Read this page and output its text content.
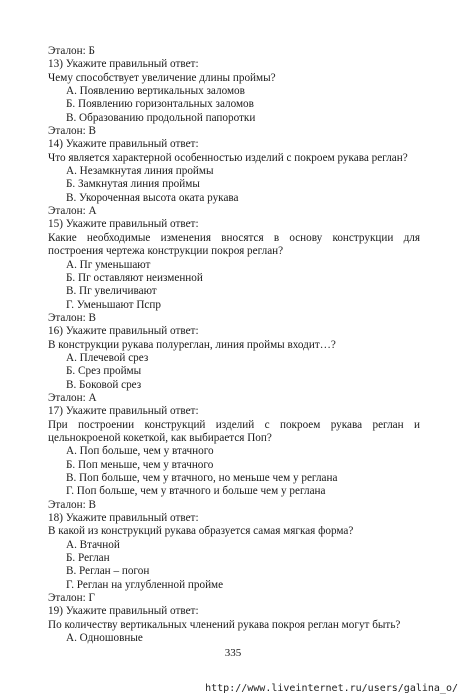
Эталон: Б
13) Укажите правильный ответ:
Чему способствует увеличение длины проймы?
А. Появлению вертикальных заломов
Б. Появлению горизонтальных заломов
В. Образованию продольной папоротки
Эталон: В
14) Укажите правильный ответ:
Что является характерной особенностью изделий с покроем рукава реглан?
А. Незамкнутая линия проймы
Б. Замкнутая линия проймы
В. Укороченная высота оката рукава
Эталон: А
15) Укажите правильный ответ:
Какие необходимые изменения вносятся в основу конструкции для построения чертежа конструкции покроя реглан?
А. Пг уменьшают
Б. Пг оставляют неизменной
В. Пг увеличивают
Г. Уменьшают Пспр
Эталон: В
16) Укажите правильный ответ:
В конструкции рукава полуреглан, линия проймы входит…?
А. Плечевой срез
Б. Срез проймы
В. Боковой срез
Эталон: А
17) Укажите правильный ответ:
При построении конструкций изделий с покроем рукава реглан и цельнокроеной кокеткой, как выбирается Поп?
А. Поп больше, чем у втачного
Б. Поп меньше, чем у втачного
В. Поп больше, чем у втачного, но меньше чем у реглана
Г. Поп больше, чем у втачного и больше чем у реглана
Эталон: В
18) Укажите правильный ответ:
В какой из конструкций рукава образуется самая мягкая форма?
А. Втачной
Б. Реглан
В. Реглан – погон
Г. Реглан на углубленной пройме
Эталон: Г
19) Укажите правильный ответ:
По количеству вертикальных членений рукава покроя реглан могут быть?
А. Одношовные
335
http://www.liveinternet.ru/users/galina_o/
